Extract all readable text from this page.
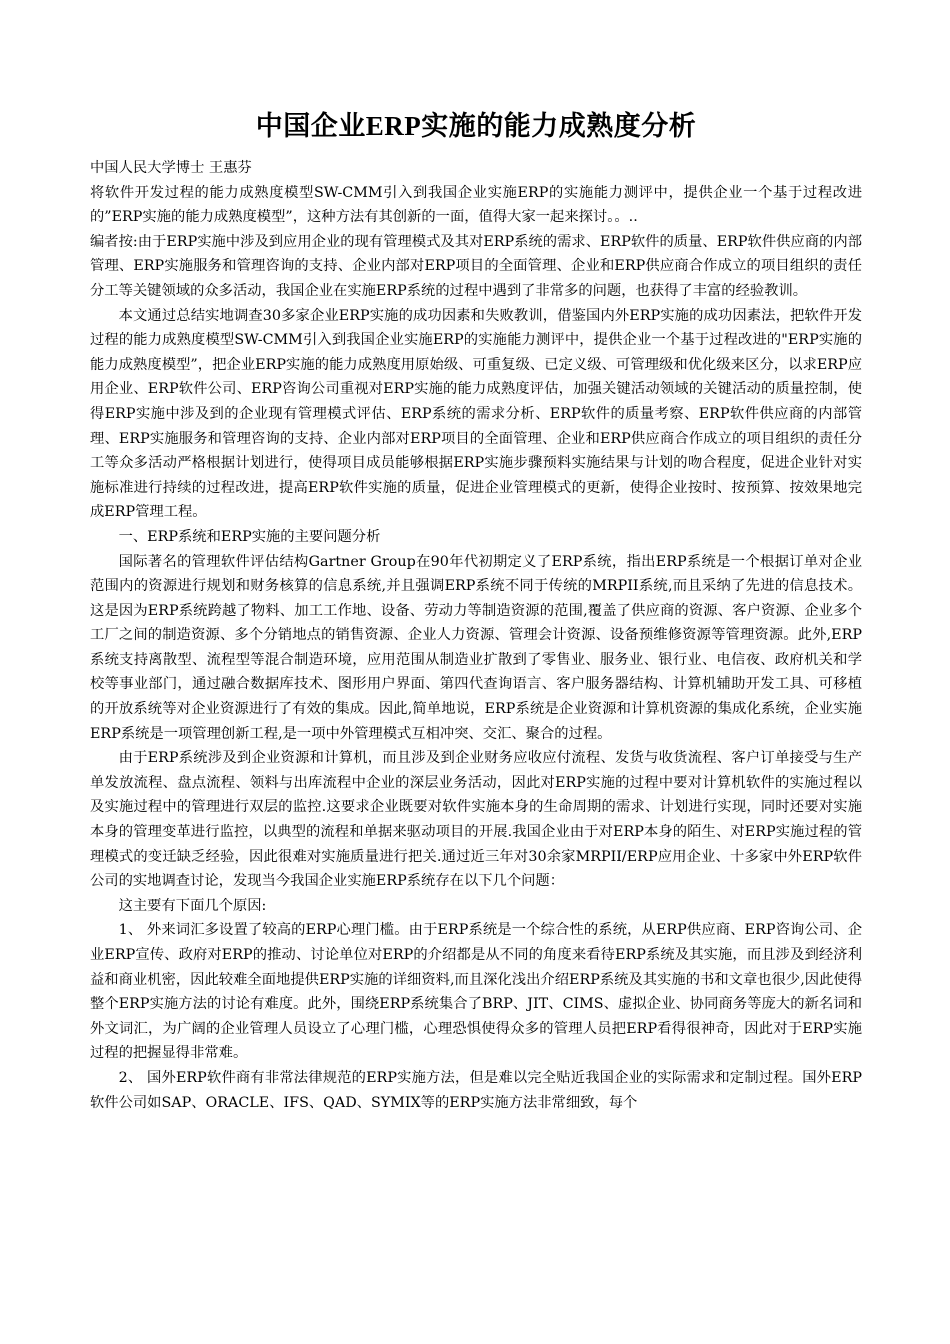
中国企业ERP实施的能力成熟度分析
中国人民大学博士 王惠芬
将软件开发过程的能力成熟度模型SW-CMM引入到我国企业实施ERP的实施能力测评中，提供企业一个基于过程改进的”ERP实施的能力成熟度模型”，这种方法有其创新的一面，值得大家一起来探讨。。..
编者按:由于ERP实施中涉及到应用企业的现有管理模式及其对ERP系统的需求、ERP软件的质量、ERP软件供应商的内部管理、ERP实施服务和管理咨询的支持、企业内部对ERP项目的全面管理、企业和ERP供应商合作成立的项目组织的责任分工等关键领域的众多活动，我国企业在实施ERP系统的过程中遇到了非常多的问题，也获得了丰富的经验教训。
本文通过总结实地调查30多家企业ERP实施的成功因素和失败教训，借鉴国内外ERP实施的成功因素法，把软件开发过程的能力成熟度模型SW-CMM引入到我国企业实施ERP的实施能力测评中，提供企业一个基于过程改进的"ERP实施的能力成熟度模型”，把企业ERP实施的能力成熟度用原始级、可重复级、已定义级、可管理级和优化级来区分，以求ERP应用企业、ERP软件公司、ERP咨询公司重视对ERP实施的能力成熟度评估，加强关键活动领域的关键活动的质量控制，使得ERP实施中涉及到的企业现有管理模式评估、ERP系统的需求分析、ERP软件的质量考察、ERP软件供应商的内部管理、ERP实施服务和管理咨询的支持、企业内部对ERP项目的全面管理、企业和ERP供应商合作成立的项目组织的责任分工等众多活动严格根据计划进行，使得项目成员能够根据ERP实施步骤预料实施结果与计划的吻合程度，促进企业针对实施标准进行持续的过程改进，提高ERP软件实施的质量，促进企业管理模式的更新，使得企业按时、按预算、按效果地完成ERP管理工程。
一、ERP系统和ERP实施的主要问题分析
国际著名的管理软件评估结构Gartner Group在90年代初期定义了ERP系统，指出ERP系统是一个根据订单对企业范围内的资源进行规划和财务核算的信息系统,并且强调ERP系统不同于传统的MRPII系统,而且采纳了先进的信息技术。这是因为ERP系统跨越了物料、加工工作地、设备、劳动力等制造资源的范围,覆盖了供应商的资源、客户资源、企业多个工厂之间的制造资源、多个分销地点的销售资源、企业人力资源、管理会计资源、设备预维修资源等管理资源。此外,ERP系统支持离散型、流程型等混合制造环境，应用范围从制造业扩散到了零售业、服务业、银行业、电信夜、政府机关和学校等事业部门，通过融合数据库技术、图形用户界面、第四代查询语言、客户服务器结构、计算机辅助开发工具、可移植的开放系统等对企业资源进行了有效的集成。因此,简单地说，ERP系统是企业资源和计算机资源的集成化系统，企业实施ERP系统是一项管理创新工程,是一项中外管理模式互相冲突、交汇、聚合的过程。
由于ERP系统涉及到企业资源和计算机，而且涉及到企业财务应收应付流程、发货与收货流程、客户订单接受与生产单发放流程、盘点流程、领料与出库流程中企业的深层业务活动，因此对ERP实施的过程中要对计算机软件的实施过程以及实施过程中的管理进行双层的监控.这要求企业既要对软件实施本身的生命周期的需求、计划进行实现，同时还要对实施本身的管理变革进行监控，以典型的流程和单据来驱动项目的开展.我国企业由于对ERP本身的陌生、对ERP实施过程的管理模式的变迁缺乏经验，因此很难对实施质量进行把关.通过近三年对30余家MRPII/ERP应用企业、十多家中外ERP软件公司的实地调查讨论，发现当今我国企业实施ERP系统存在以下几个问题：
这主要有下面几个原因:
1、 外来词汇多设置了较高的ERP心理门槛。由于ERP系统是一个综合性的系统，从ERP供应商、ERP咨询公司、企业ERP宣传、政府对ERP的推动、讨论单位对ERP的介绍都是从不同的角度来看待ERP系统及其实施，而且涉及到经济利益和商业机密，因此较难全面地提供ERP实施的详细资料,而且深化浅出介绍ERP系统及其实施的书和文章也很少,因此使得整个ERP实施方法的讨论有难度。此外，围绕ERP系统集合了BRP、JIT、CIMS、虚拟企业、协同商务等庞大的新名词和外文词汇，为广阔的企业管理人员设立了心理门槛，心理恐惧使得众多的管理人员把ERP看得很神奇，因此对于ERP实施过程的把握显得非常难。
2、 国外ERP软件商有非常法律规范的ERP实施方法，但是难以完全贴近我国企业的实际需求和定制过程。国外ERP软件公司如SAP、ORACLE、IFS、QAD、SYMIX等的ERP实施方法非常细致，每个
